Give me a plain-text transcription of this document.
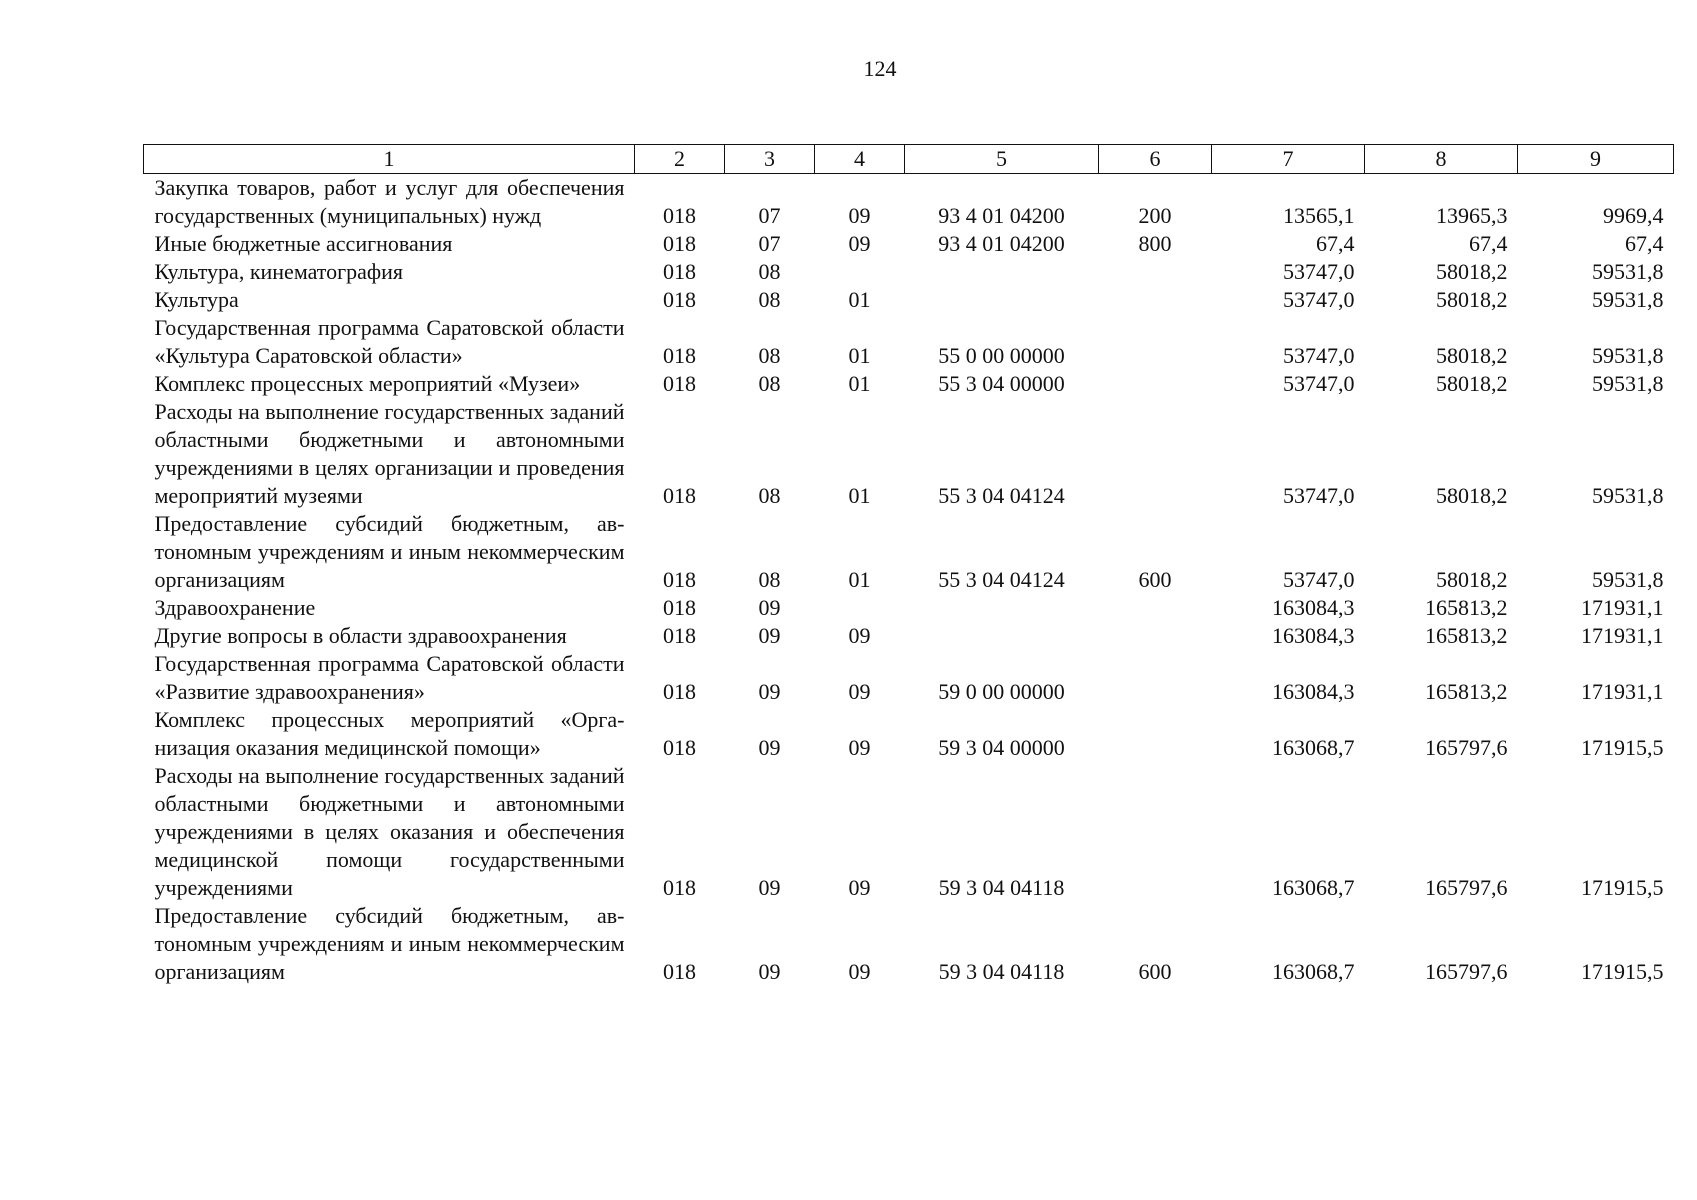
124
1	2	3	4	5	6	7	8	9
Закупка товаров, работ и услуг для обеспечения государственных (муниципальных) нужд	018	07	09	93 4 01 04200	200	13565,1	13965,3	9969,4
Иные бюджетные ассигнования	018	07	09	93 4 01 04200	800	67,4	67,4	67,4
Культура, кинематография	018	08				53747,0	58018,2	59531,8
Культура	018	08	01			53747,0	58018,2	59531,8
Государственная программа Саратовской области «Культура Саратовской области»	018	08	01	55 0 00 00000		53747,0	58018,2	59531,8
Комплекс процессных мероприятий «Музеи»	018	08	01	55 3 04 00000		53747,0	58018,2	59531,8
Расходы на выполнение государственных заданий областными бюджетными и автономными учреждениями в целях организации и проведения мероприятий музеями	018	08	01	55 3 04 04124		53747,0	58018,2	59531,8
Предоставление субсидий бюджетным, автономным учреждениям и иным некоммерческим организациям	018	08	01	55 3 04 04124	600	53747,0	58018,2	59531,8
Здравоохранение	018	09				163084,3	165813,2	171931,1
Другие вопросы в области здравоохранения	018	09	09			163084,3	165813,2	171931,1
Государственная программа Саратовской области «Развитие здравоохранения»	018	09	09	59 0 00 00000		163084,3	165813,2	171931,1
Комплекс процессных мероприятий «Организация оказания медицинской помощи»	018	09	09	59 3 04 00000		163068,7	165797,6	171915,5
Расходы на выполнение государственных заданий областными бюджетными и автономными учреждениями в целях оказания и обеспечения медицинской помощи государственными учреждениями	018	09	09	59 3 04 04118		163068,7	165797,6	171915,5
Предоставление субсидий бюджетным, автономным учреждениям и иным некоммерческим организациям	018	09	09	59 3 04 04118	600	163068,7	165797,6	171915,5
